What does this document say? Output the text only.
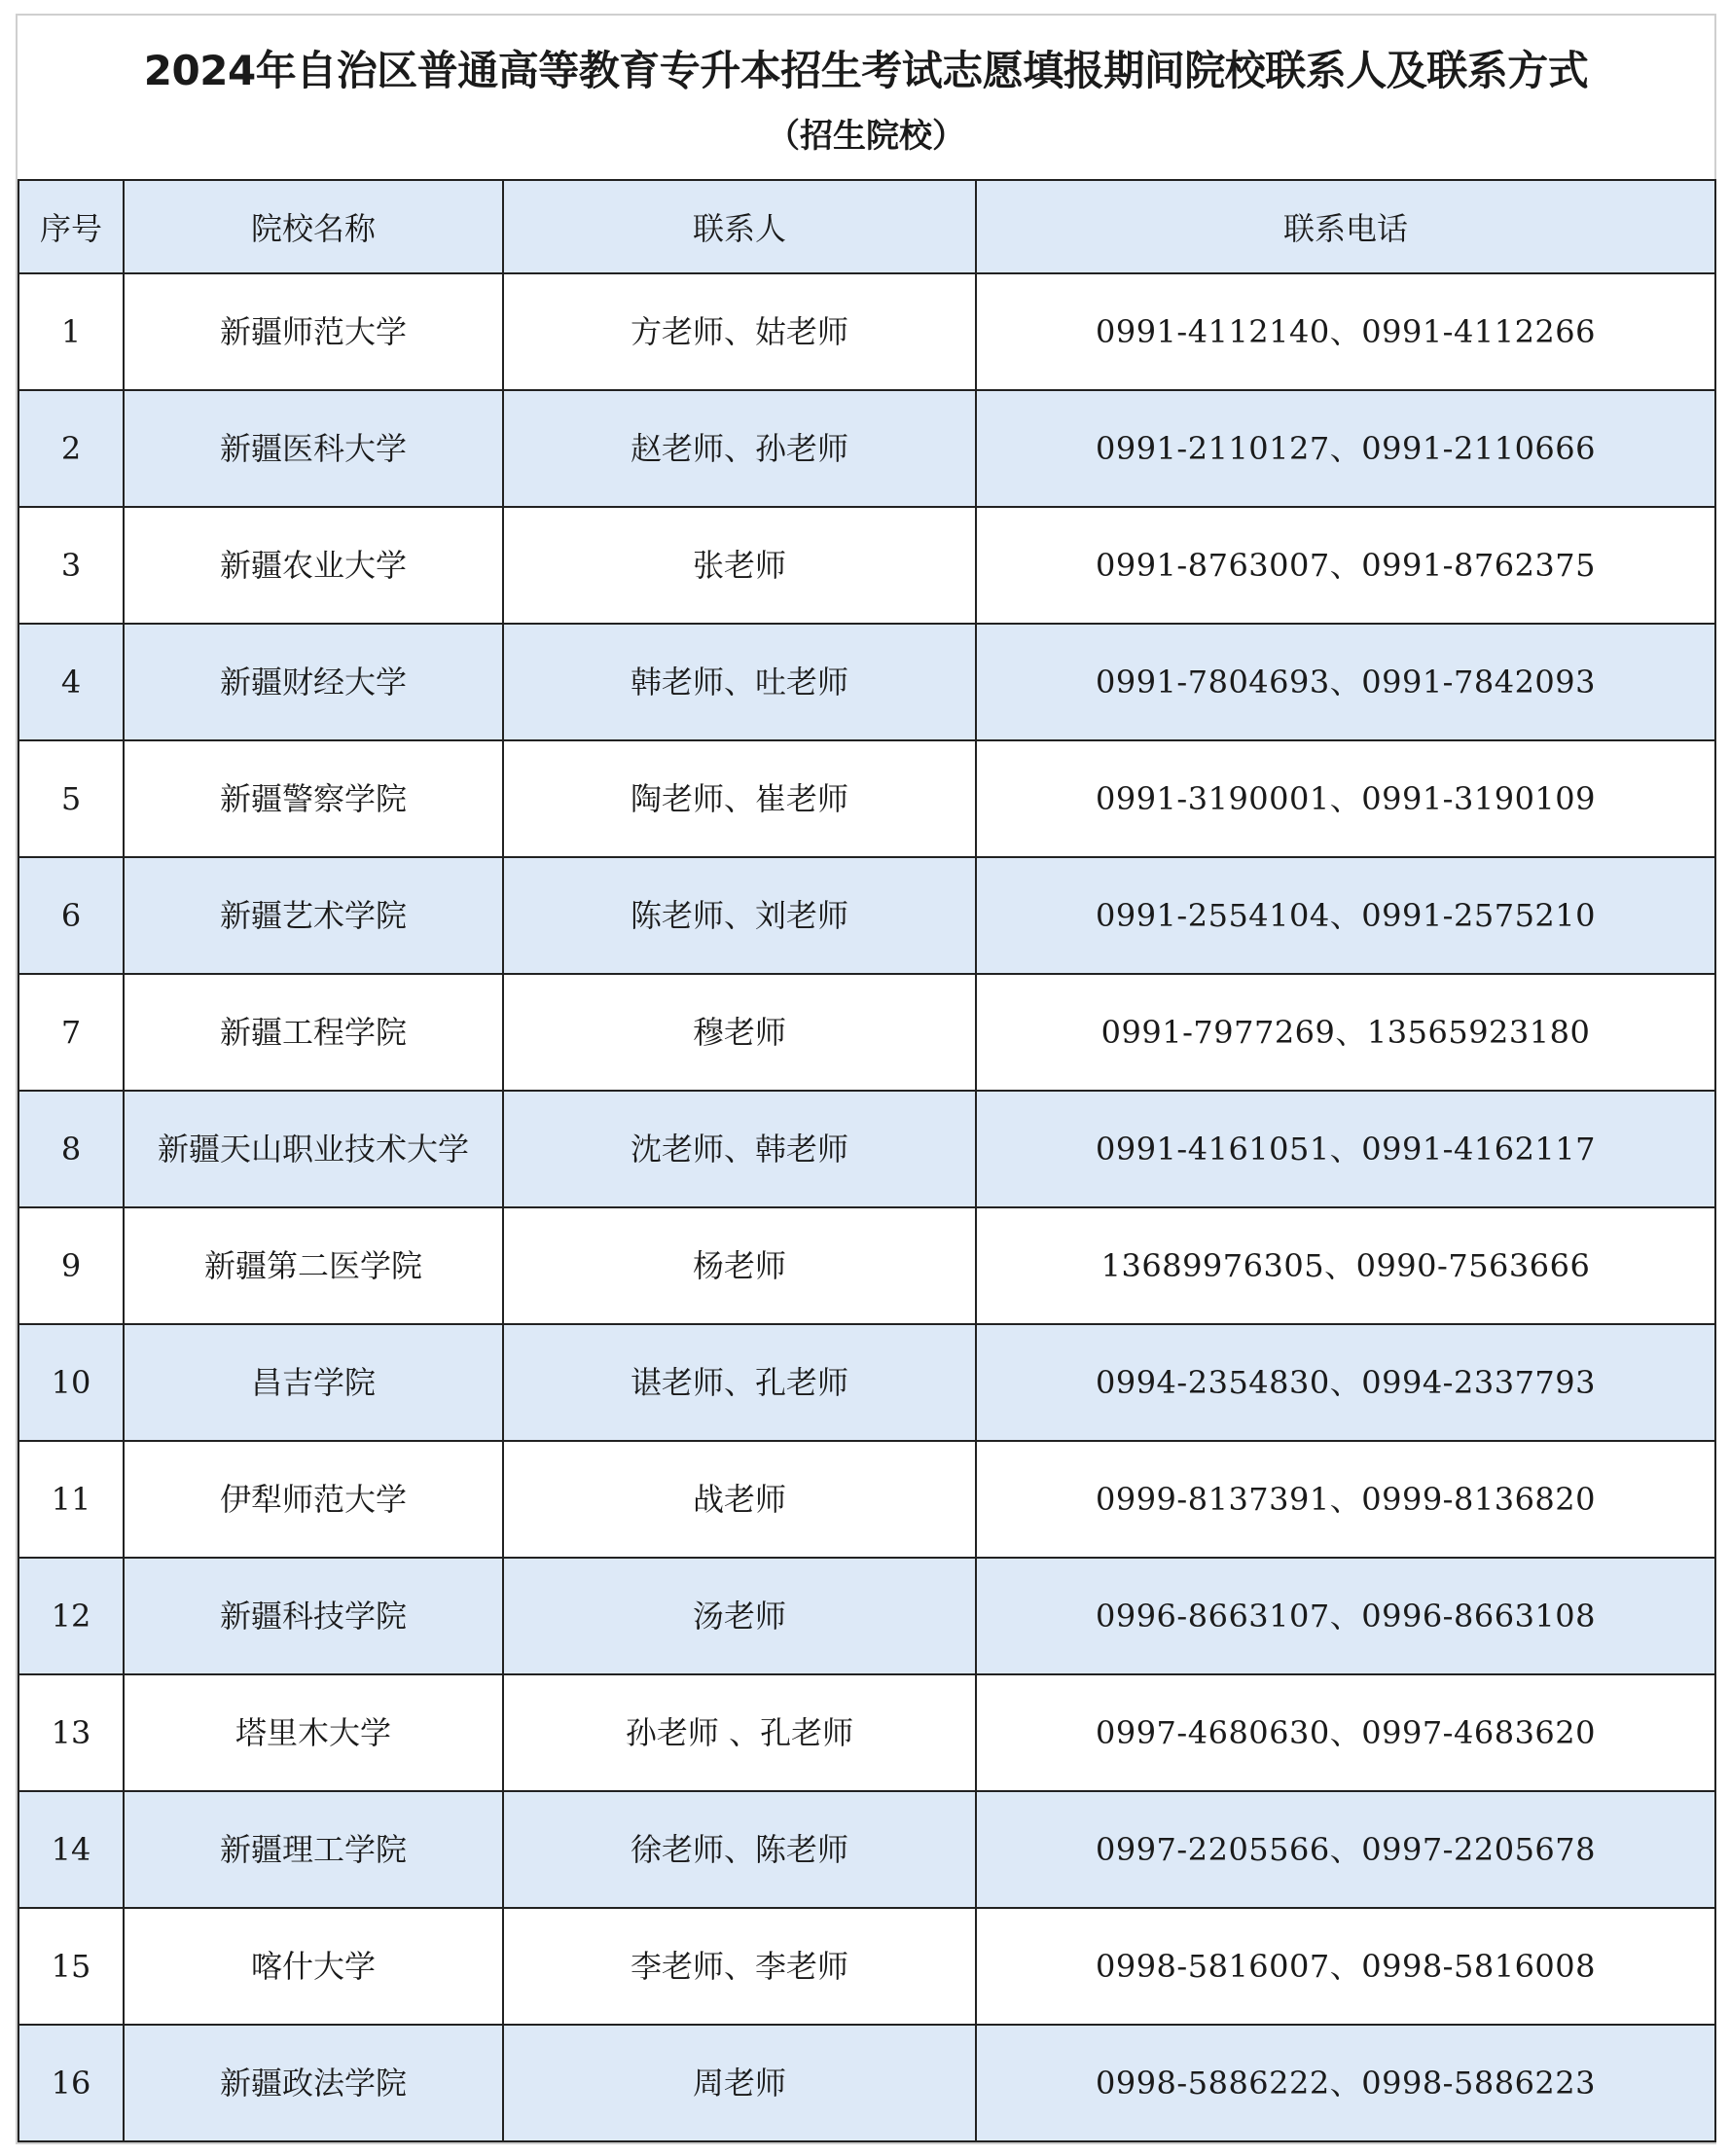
2024年自治区普通高等教育专升本招生考试志愿填报期间院校联系人及联系方式
（招生院校）
序号	院校名称	联系人	联系电话
1	新疆师范大学	方老师、姑老师	0991-4112140、0991-4112266
2	新疆医科大学	赵老师、孙老师	0991-2110127、0991-2110666
3	新疆农业大学	张老师	0991-8763007、0991-8762375
4	新疆财经大学	韩老师、吐老师	0991-7804693、0991-7842093
5	新疆警察学院	陶老师、崔老师	0991-3190001、0991-3190109
6	新疆艺术学院	陈老师、刘老师	0991-2554104、0991-2575210
7	新疆工程学院	穆老师	0991-7977269、13565923180
8	新疆天山职业技术大学	沈老师、韩老师	0991-4161051、0991-4162117
9	新疆第二医学院	杨老师	13689976305、0990-7563666
10	昌吉学院	谌老师、孔老师	0994-2354830、0994-2337793
11	伊犁师范大学	战老师	0999-8137391、0999-8136820
12	新疆科技学院	汤老师	0996-8663107、0996-8663108
13	塔里木大学	孙老师 、孔老师	0997-4680630、0997-4683620
14	新疆理工学院	徐老师、陈老师	0997-2205566、0997-2205678
15	喀什大学	李老师、李老师	0998-5816007、0998-5816008
16	新疆政法学院	周老师	0998-5886222、0998-5886223
